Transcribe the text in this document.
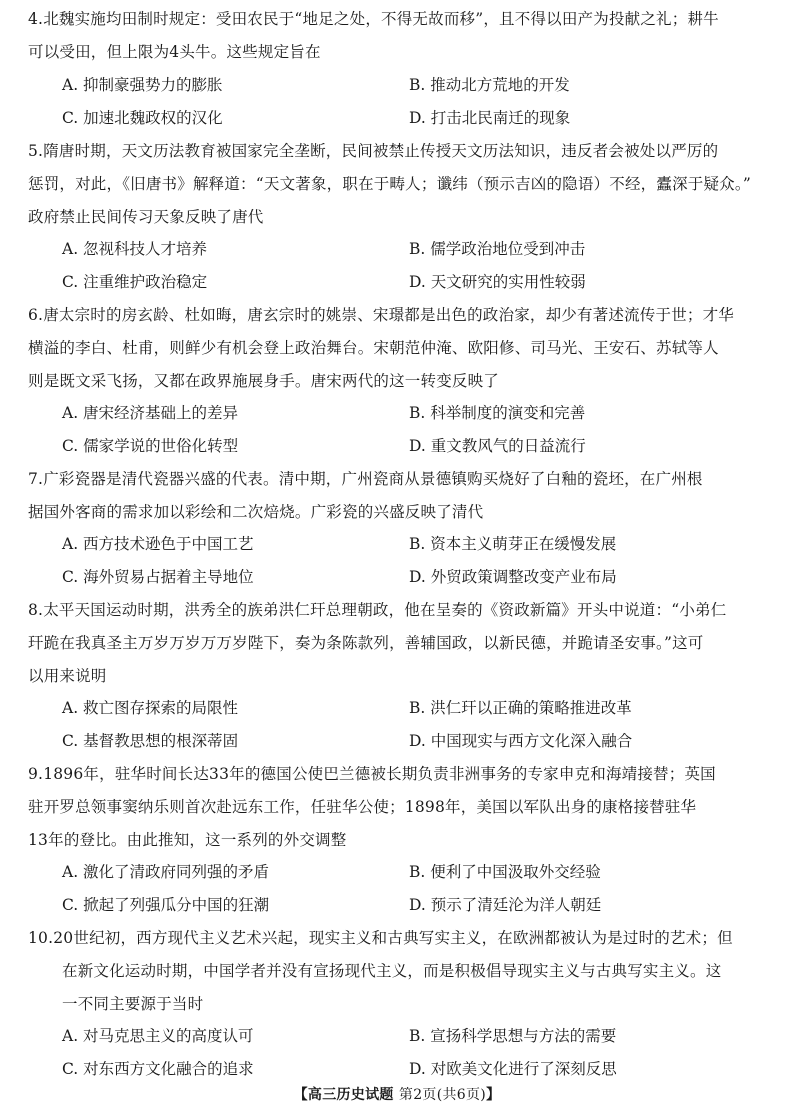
4.北魏实施均田制时规定：受田农民于“地足之处，不得无故而移”，且不得以田产为投献之礼；耕牛
可以受田，但上限为4头牛。这些规定旨在
A. 抑制豪强势力的膨胀	B. 推动北方荒地的开发
C. 加速北魏政权的汉化	D. 打击北民南迁的现象
5.隋唐时期，天文历法教育被国家完全垄断，民间被禁止传授天文历法知识，违反者会被处以严厉的
惩罚，对此，《旧唐书》解释道：“天文著象，职在于畴人；谶纬（预示吉凶的隐语）不经，蠹深于疑众。”
政府禁止民间传习天象反映了唐代
A. 忽视科技人才培养	B. 儒学政治地位受到冲击
C. 注重维护政治稳定	D. 天文研究的实用性较弱
6.唐太宗时的房玄龄、杜如晦，唐玄宗时的姚崇、宋璟都是出色的政治家，却少有著述流传于世；才华
横溢的李白、杜甫，则鲜少有机会登上政治舞台。宋朝范仲淹、欧阳修、司马光、王安石、苏轼等人
则是既文采飞扬，又都在政界施展身手。唐宋两代的这一转变反映了
A. 唐宋经济基础上的差异	B. 科举制度的演变和完善
C. 儒家学说的世俗化转型	D. 重文教风气的日益流行
7.广彩瓷器是清代瓷器兴盛的代表。清中期，广州瓷商从景德镇购买烧好了白釉的瓷坯，在广州根
据国外客商的需求加以彩绘和二次焙烧。广彩瓷的兴盛反映了清代
A. 西方技术逊色于中国工艺	B. 资本主义萌芽正在缓慢发展
C. 海外贸易占据着主导地位	D. 外贸政策调整改变产业布局
8.太平天国运动时期，洪秀全的族弟洪仁玕总理朝政，他在呈奏的《资政新篇》开头中说道：“小弟仁
玕跪在我真圣主万岁万岁万万岁陛下，奏为条陈款列，善辅国政，以新民德，并跪请圣安事。”这可
以用来说明
A. 救亡图存探索的局限性	B. 洪仁玕以正确的策略推进改革
C. 基督教思想的根深蒂固	D. 中国现实与西方文化深入融合
9.1896年，驻华时间长达33年的德国公使巴兰德被长期负责非洲事务的专家申克和海靖接替；英国
驻开罗总领事窦纳乐则首次赴远东工作，任驻华公使；1898年，美国以军队出身的康格接替驻华
13年的登比。由此推知，这一系列的外交调整
A. 激化了清政府同列强的矛盾	B. 便利了中国汲取外交经验
C. 掀起了列强瓜分中国的狂潮	D. 预示了清廷沦为洋人朝廷
10.20世纪初，西方现代主义艺术兴起，现实主义和古典写实主义，在欧洲都被认为是过时的艺术；但
在新文化运动时期，中国学者并没有宣扬现代主义，而是积极倡导现实主义与古典写实主义。这
一不同主要源于当时
A. 对马克思主义的高度认可	B. 宣扬科学思想与方法的需要
C. 对东西方文化融合的追求	D. 对欧美文化进行了深刻反思
【高三历史试题 第2页(共6页)】
